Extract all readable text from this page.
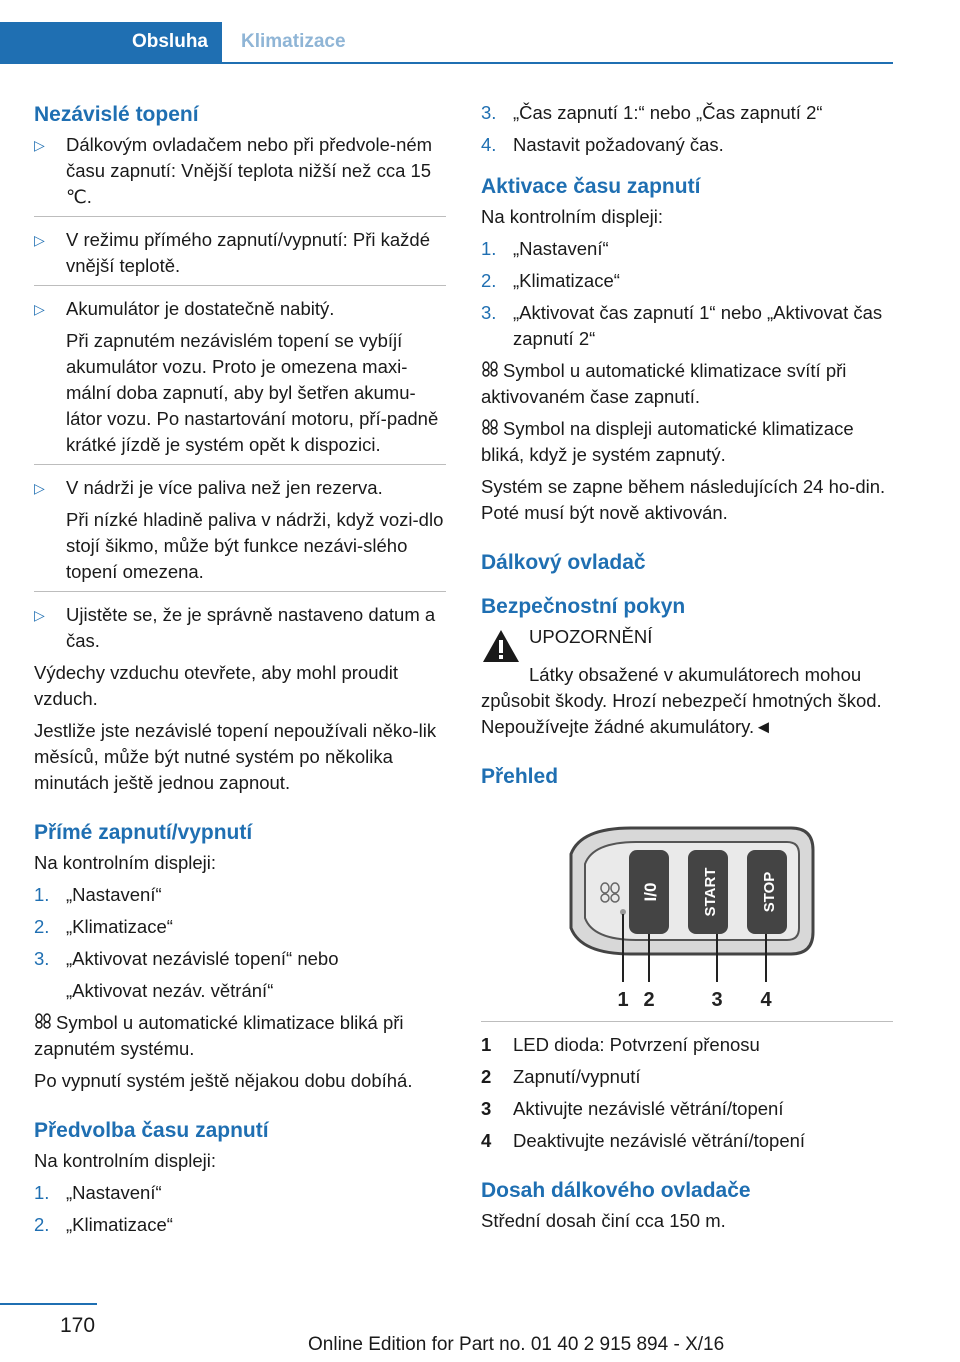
Obsluha	Klimatizace
Nezávislé topení
▷	Dálkovým ovladačem nebo při předvole-ném času zapnutí: Vnější teplota nižší než cca 15 ℃.
▷	V režimu přímého zapnutí/vypnutí: Při každé vnější teplotě.
▷	Akumulátor je dostatečně nabitý.

Při zapnutém nezávislém topení se vybíjí akumulátor vozu. Proto je omezena maxi-mální doba zapnutí, aby byl šetřen akumu-látor vozu. Po nastartování motoru, pří-padně krátké jízdě je systém opět k dispozici.

▷	V nádrži je více paliva než jen rezerva.

Při nízké hladině paliva v nádrži, když vozi-dlo stojí šikmo, může být funkce nezávi-slého topení omezena.

▷	Ujistěte se, že je správně nastaveno datum a čas.

Výdechy vzduchu otevřete, aby mohl proudit vzduch.

Jestliže jste nezávislé topení nepoužívali něko-lik měsíců, může být nutné systém po několika minutách ještě jednou zapnout.

Přímé zapnutí/vypnutí

Na kontrolním displeji:

1. „Nastavení“
2. „Klimatizace“
3. „Aktivovat nezávislé topení“ nebo

„Aktivovat nezáv. větrání“

Symbol u automatické klimatizace bliká při zapnutém systému.

Po vypnutí systém ještě nějakou dobu dobíhá.

Předvolba času zapnutí

Na kontrolním displeji:

1. „Nastavení“
2. „Klimatizace“
3. „Čas zapnutí 1:“ nebo „Čas zapnutí 2“
4. Nastavit požadovaný čas.
Aktivace času zapnutí

Na kontrolním displeji:

1. „Nastavení“
2. „Klimatizace“
3. „Aktivovat čas zapnutí 1“ nebo „Aktivovat čas zapnutí 2“

Symbol u automatické klimatizace svítí při aktivovaném čase zapnutí.

Symbol na displeji automatické klimatizace bliká, když je systém zapnutý.

Systém se zapne během následujících 24 ho-din. Poté musí být nově aktivován.

Dálkový ovladač
Bezpečnostní pokyn
UPOZORNĚNÍ

Látky obsažené v akumulátorech mohou způsobit škody. Hrozí nebezpečí hmotných škod. Nepoužívejte žádné akumulátory.◄

Přehled
I/0	START	STOP
1 2	3 4
1	LED dioda: Potvrzení přenosu
2	Zapnutí/vypnutí
3	Aktivujte nezávislé větrání/topení
4	Deaktivujte nezávislé větrání/topení
Dosah dálkového ovladače

Střední dosah činí cca 150 m.

170
Online Edition for Part no. 01 40 2 915 894 - X/16
